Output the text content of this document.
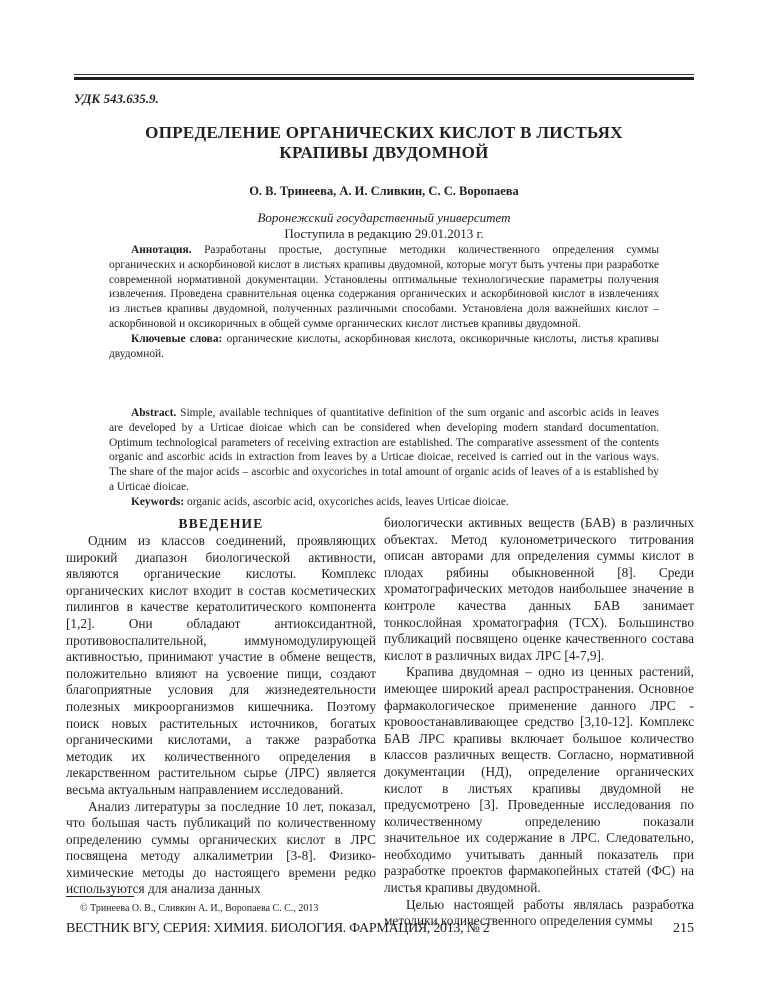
УДК 543.635.9.
ОПРЕДЕЛЕНИЕ ОРГАНИЧЕСКИХ КИСЛОТ В ЛИСТЬЯХ
КРАПИВЫ ДВУДОМНОЙ
О. В. Тринеева, А. И. Сливкин, С. С. Воропаева
Воронежский государственный университет
Поступила в редакцию 29.01.2013 г.

Аннотация. Разработаны простые, доступные методики количественного определения суммы органических и аскорбиновой кислот в листьях крапивы двудомной, которые могут быть учтены при разработке современной нормативной документации. Установлены оптимальные технологические параметры получения извлечения. Проведена сравнительная оценка содержания органических и аскорбиновой кислот в извлечениях из листьев крапивы двудомной, полученных различными способами. Установлена доля важнейших кислот – аскорбиновой и оксикоричных в общей сумме органических кислот листьев крапивы двудомной.

Ключевые слова: органические кислоты, аскорбиновая кислота, оксикоричные кислоты, листья крапивы двудомной.

Abstract. Simple, available techniques of quantitative definition of the sum organic and ascorbic acids in leaves are developed by a Urticae dioicae which can be considered when developing modern standard documentation. Optimum technological parameters of receiving extraction are established. The comparative assessment of the contents organic and ascorbic acids in extraction from leaves by a Urticae dioicae, received is carried out in the various ways. The share of the major acids – ascorbic and oxycoriches in total amount of organic acids of leaves of a is established by a Urticae dioicae.

Keywords: organic acids, ascorbic acid, oxycoriches acids, leaves Urticae dioicae.

ВВЕДЕНИЕ

Одним из классов соединений, проявляющих широкий диапазон биологической активности, являются органические кислоты. Комплекс органических кислот входит в состав косметических пилингов в качестве кератолитического компонента [1,2]. Они обладают антиоксидантной, противовоспалительной, иммуномодулирующей активностью, принимают участие в обмене веществ, положительно влияют на усвоение пищи, создают благоприятные условия для жизнедеятельности полезных микроорганизмов кишечника. Поэтому поиск новых растительных источников, богатых органическими кислотами, а также разработка методик их количественного определения в лекарственном растительном сырье (ЛРС) является весьма актуальным направлением исследований.

Анализ литературы за последние 10 лет, показал, что большая часть публикаций по количественному определению суммы органических кислот в ЛРС посвящена методу алкалиметрии [3-8]. Физико-химические методы до настоящего времени редко используются для анализа данных

биологически активных веществ (БАВ) в различных объектах. Метод кулонометрического титрования описан авторами для определения суммы кислот в плодах рябины обыкновенной [8]. Среди хроматографических методов наибольшее значение в контроле качества данных БАВ занимает тонкослойная хроматография (ТСХ). Большинство публикаций посвящено оценке качественного состава кислот в различных видах ЛРС [4-7,9].

Крапива двудомная – одно из ценных растений, имеющее широкий ареал распространения. Основное фармакологическое применение данного ЛРС - кровоостанавливающее средство [3,10-12]. Комплекс БАВ ЛРС крапивы включает большое количество классов различных веществ. Согласно, нормативной документации (НД), определение органических кислот в листьях крапивы двудомной не предусмотрено [3]. Проведенные исследования по количественному определению показали значительное их содержание в ЛРС. Следовательно, необходимо учитывать данный показатель при разработке проектов фармакопейных статей (ФС) на листья крапивы двудомной.

Целью настоящей работы являлась разработка методики количественного определения суммы

© Тринеева О. В., Сливкин А. И., Воропаева С. С., 2013
ВЕСТНИК ВГУ, СЕРИЯ: ХИМИЯ. БИОЛОГИЯ. ФАРМАЦИЯ, 2013, № 2	215
